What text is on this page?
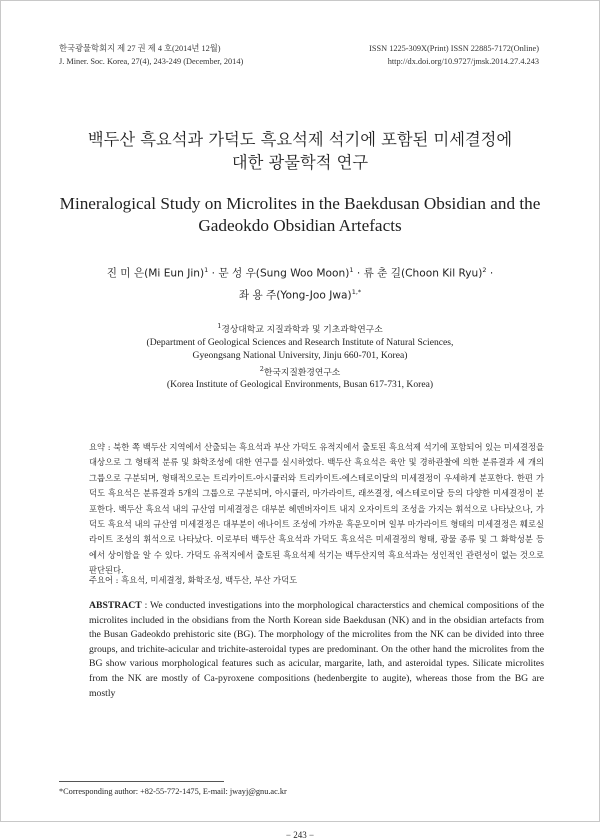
한국광물학회지 제 27 권 제 4 호(2014년 12월)
J. Miner. Soc. Korea, 27(4), 243-249 (December, 2014)
ISSN 1225-309X(Print) ISSN 22885-7172(Online)
http://dx.doi.org/10.9727/jmsk.2014.27.4.243
백두산 흑요석과 가덕도 흑요석제 석기에 포함된 미세결정에
대한 광물학적 연구
Mineralogical Study on Microlites in the Baekdusan Obsidian and the
Gadeokdo Obsidian Artefacts
진 미 은(Mi Eun Jin)$^1$ · 문 성 우(Sung Woo Moon)$^1$ · 류 춘 길(Choon Kil Ryu)$^2$ ·
좌 용 주(Yong-Joo Jwa)$^{1,*}$
$^1$경상대학교 지질과학과 및 기초과학연구소
(Department of Geological Sciences and Research Institute of Natural Sciences,
Gyeongsang National University, Jinju 660-701, Korea)
$^2$한국지질환경연구소
(Korea Institute of Geological Environments, Busan 617-731, Korea)
요약 : 북한 쪽 백두산 지역에서 산출되는 흑요석과 부산 가덕도 유적지에서 출토된 흑요석제 석기에 포함되어 있는 미세결정을 대상으로 그 형태적 분류 및 화학조성에 대한 연구를 실시하였다. 백두산 흑요석은 육안 및 경하관찰에 의한 분류결과 세 개의 그룹으로 구분되며, 형태적으로는 트리카이트-아시큘러와 트리카이트-에스테로이달의 미세결정이 우세하게 분포한다. 한편 가덕도 흑요석은 분류결과 5개의 그룹으로 구분되며, 아시큘러, 마가라이트, 래쓰결정, 에스테로이달 등의 다양한 미세결정이 분포한다. 백두산 흑요석 내의 규산염 미세결정은 대부분 헤덴버자이트 내지 오자이트의 조성을 가지는 휘석으로 나타났으나, 가덕도 흑요석 내의 규산염 미세결정은 대부분이 애나이트 조성에 가까운 흑운모이며 일부 마가라이트 형태의 미세결정은 훼로실라이트 조성의 휘석으로 나타났다. 이로부터 백두산 흑요석과 가덕도 흑요석은 미세결정의 형태, 광물 종류 및 그 화학성분 등에서 상이함을 알 수 있다. 가덕도 유적지에서 출토된 흑요석제 석기는 백두산지역 흑요석과는 성인적인 관련성이 없는 것으로 판단된다.
주요어 : 흑요석, 미세결정, 화학조성, 백두산, 부산 가덕도
ABSTRACT : We conducted investigations into the morphological characterstics and chemical compositions of the microlites included in the obsidians from the North Korean side Baekdusan (NK) and in the obsidian artefacts from the Busan Gadeokdo prehistoric site (BG). The morphology of the microlites from the NK can be divided into three groups, and trichite-acicular and trichite-asteroidal types are predominant. On the other hand the microlites from the BG show various morphological features such as acicular, margarite, lath, and asteroidal types. Silicate microlites from the NK are mostly of Ca-pyroxene compositions (hedenbergite to augite), whereas those from the BG are mostly
*Corresponding author: +82-55-772-1475, E-mail: jwayj@gnu.ac.kr
− 243 −
